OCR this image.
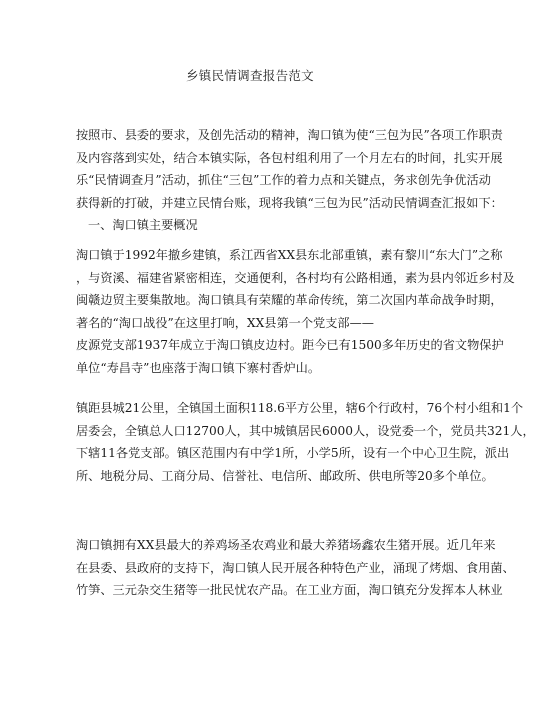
乡镇民情调查报告范文
按照市、县委的要求，及创先活动的精神，淘口镇为使“三包为民”各项工作职责
及内容落到实处，结合本镇实际，各包村组利用了一个月左右的时间，扎实开展
乐“民情调查月”活动，抓住“三包”工作的着力点和关键点，务求创先争优活动
获得新的打破，并建立民情台账，现将我镇“三包为民”活动民情调查汇报如下：
一、淘口镇主要概况
淘口镇于1992年撤乡建镇，系江西省XX县东北部重镇，素有黎川“东大门”之称
，与资溪、福建省紧密相连，交通便利，各村均有公路相通，素为县内邻近乡村及
闽赣边贸主要集散地。淘口镇具有荣耀的革命传统，第二次国内革命战争时期，
著名的“淘口战役”在这里打响，XX县第一个党支部——
皮源党支部1937年成立于淘口镇皮边村。距今已有1500多年历史的省文物保护
单位“寿昌寺”也座落于淘口镇下寨村香炉山。
镇距县城21公里，全镇国土面积118.6平方公里，辖6个行政村，76个村小组和1个
居委会，全镇总人口12700人，其中城镇居民6000人，设党委一个，党员共321人，
下辖11各党支部。镇区范围内有中学1所，小学5所，设有一个中心卫生院，派出
所、地税分局、工商分局、信誉社、电信所、邮政所、供电所等20多个单位。
淘口镇拥有XX县最大的养鸡场圣农鸡业和最大养猪场鑫农生猪开展。近几年来
在县委、县政府的支持下，淘口镇人民开展各种特色产业，涌现了烤烟、食用菌、
竹笋、三元杂交生猪等一批民忧农产品。在工业方面，淘口镇充分发挥本人林业
